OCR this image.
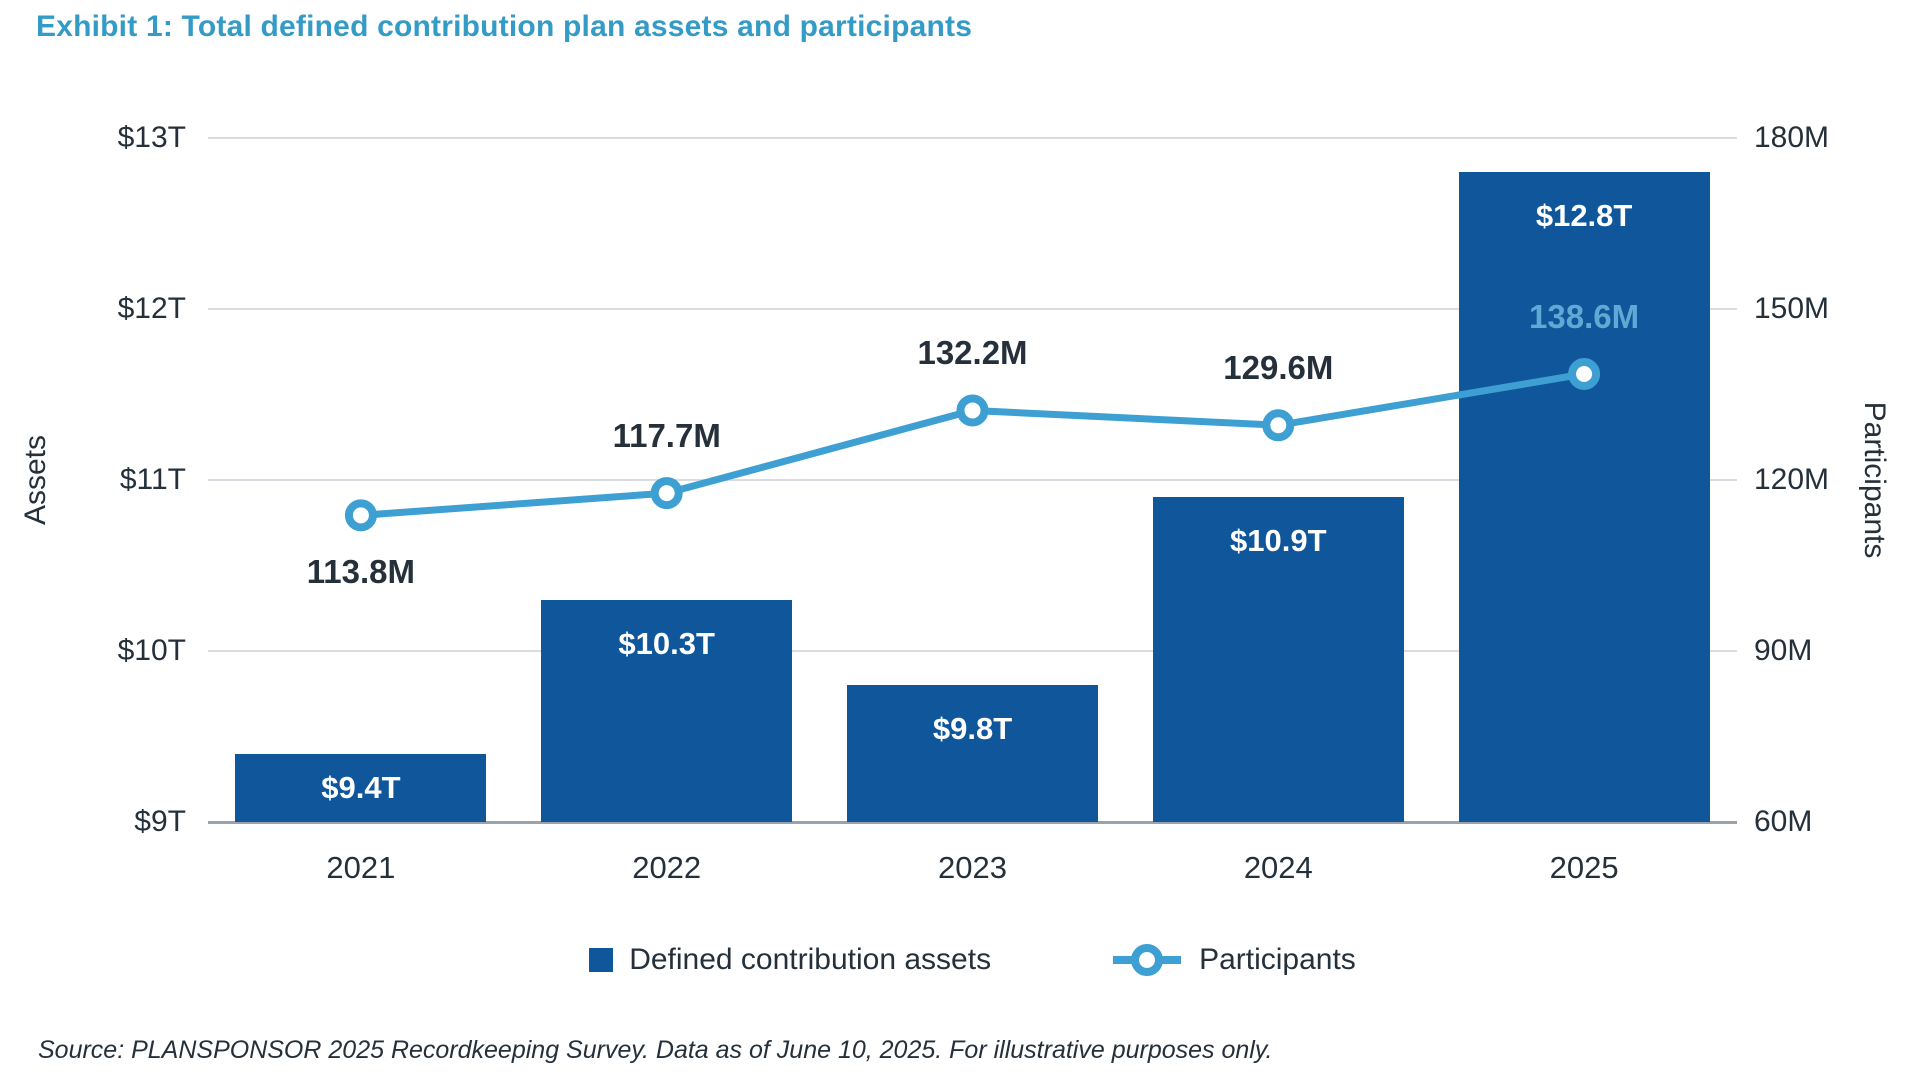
Exhibit 1: Total defined contribution plan assets and participants
$13T	180M
$12T	150M
$11T	120M
$10T	90M
$9T	60M
Assets	Participants
$9.4T
2021
$10.3T
2022
$9.8T
2023
$10.9T
2024
$12.8T
2025
113.8M
117.7M
132.2M	129.6M
138.6M
Defined contribution assets	Participants
Source: PLANSPONSOR 2025 Recordkeeping Survey. Data as of June 10, 2025. For illustrative purposes only.
